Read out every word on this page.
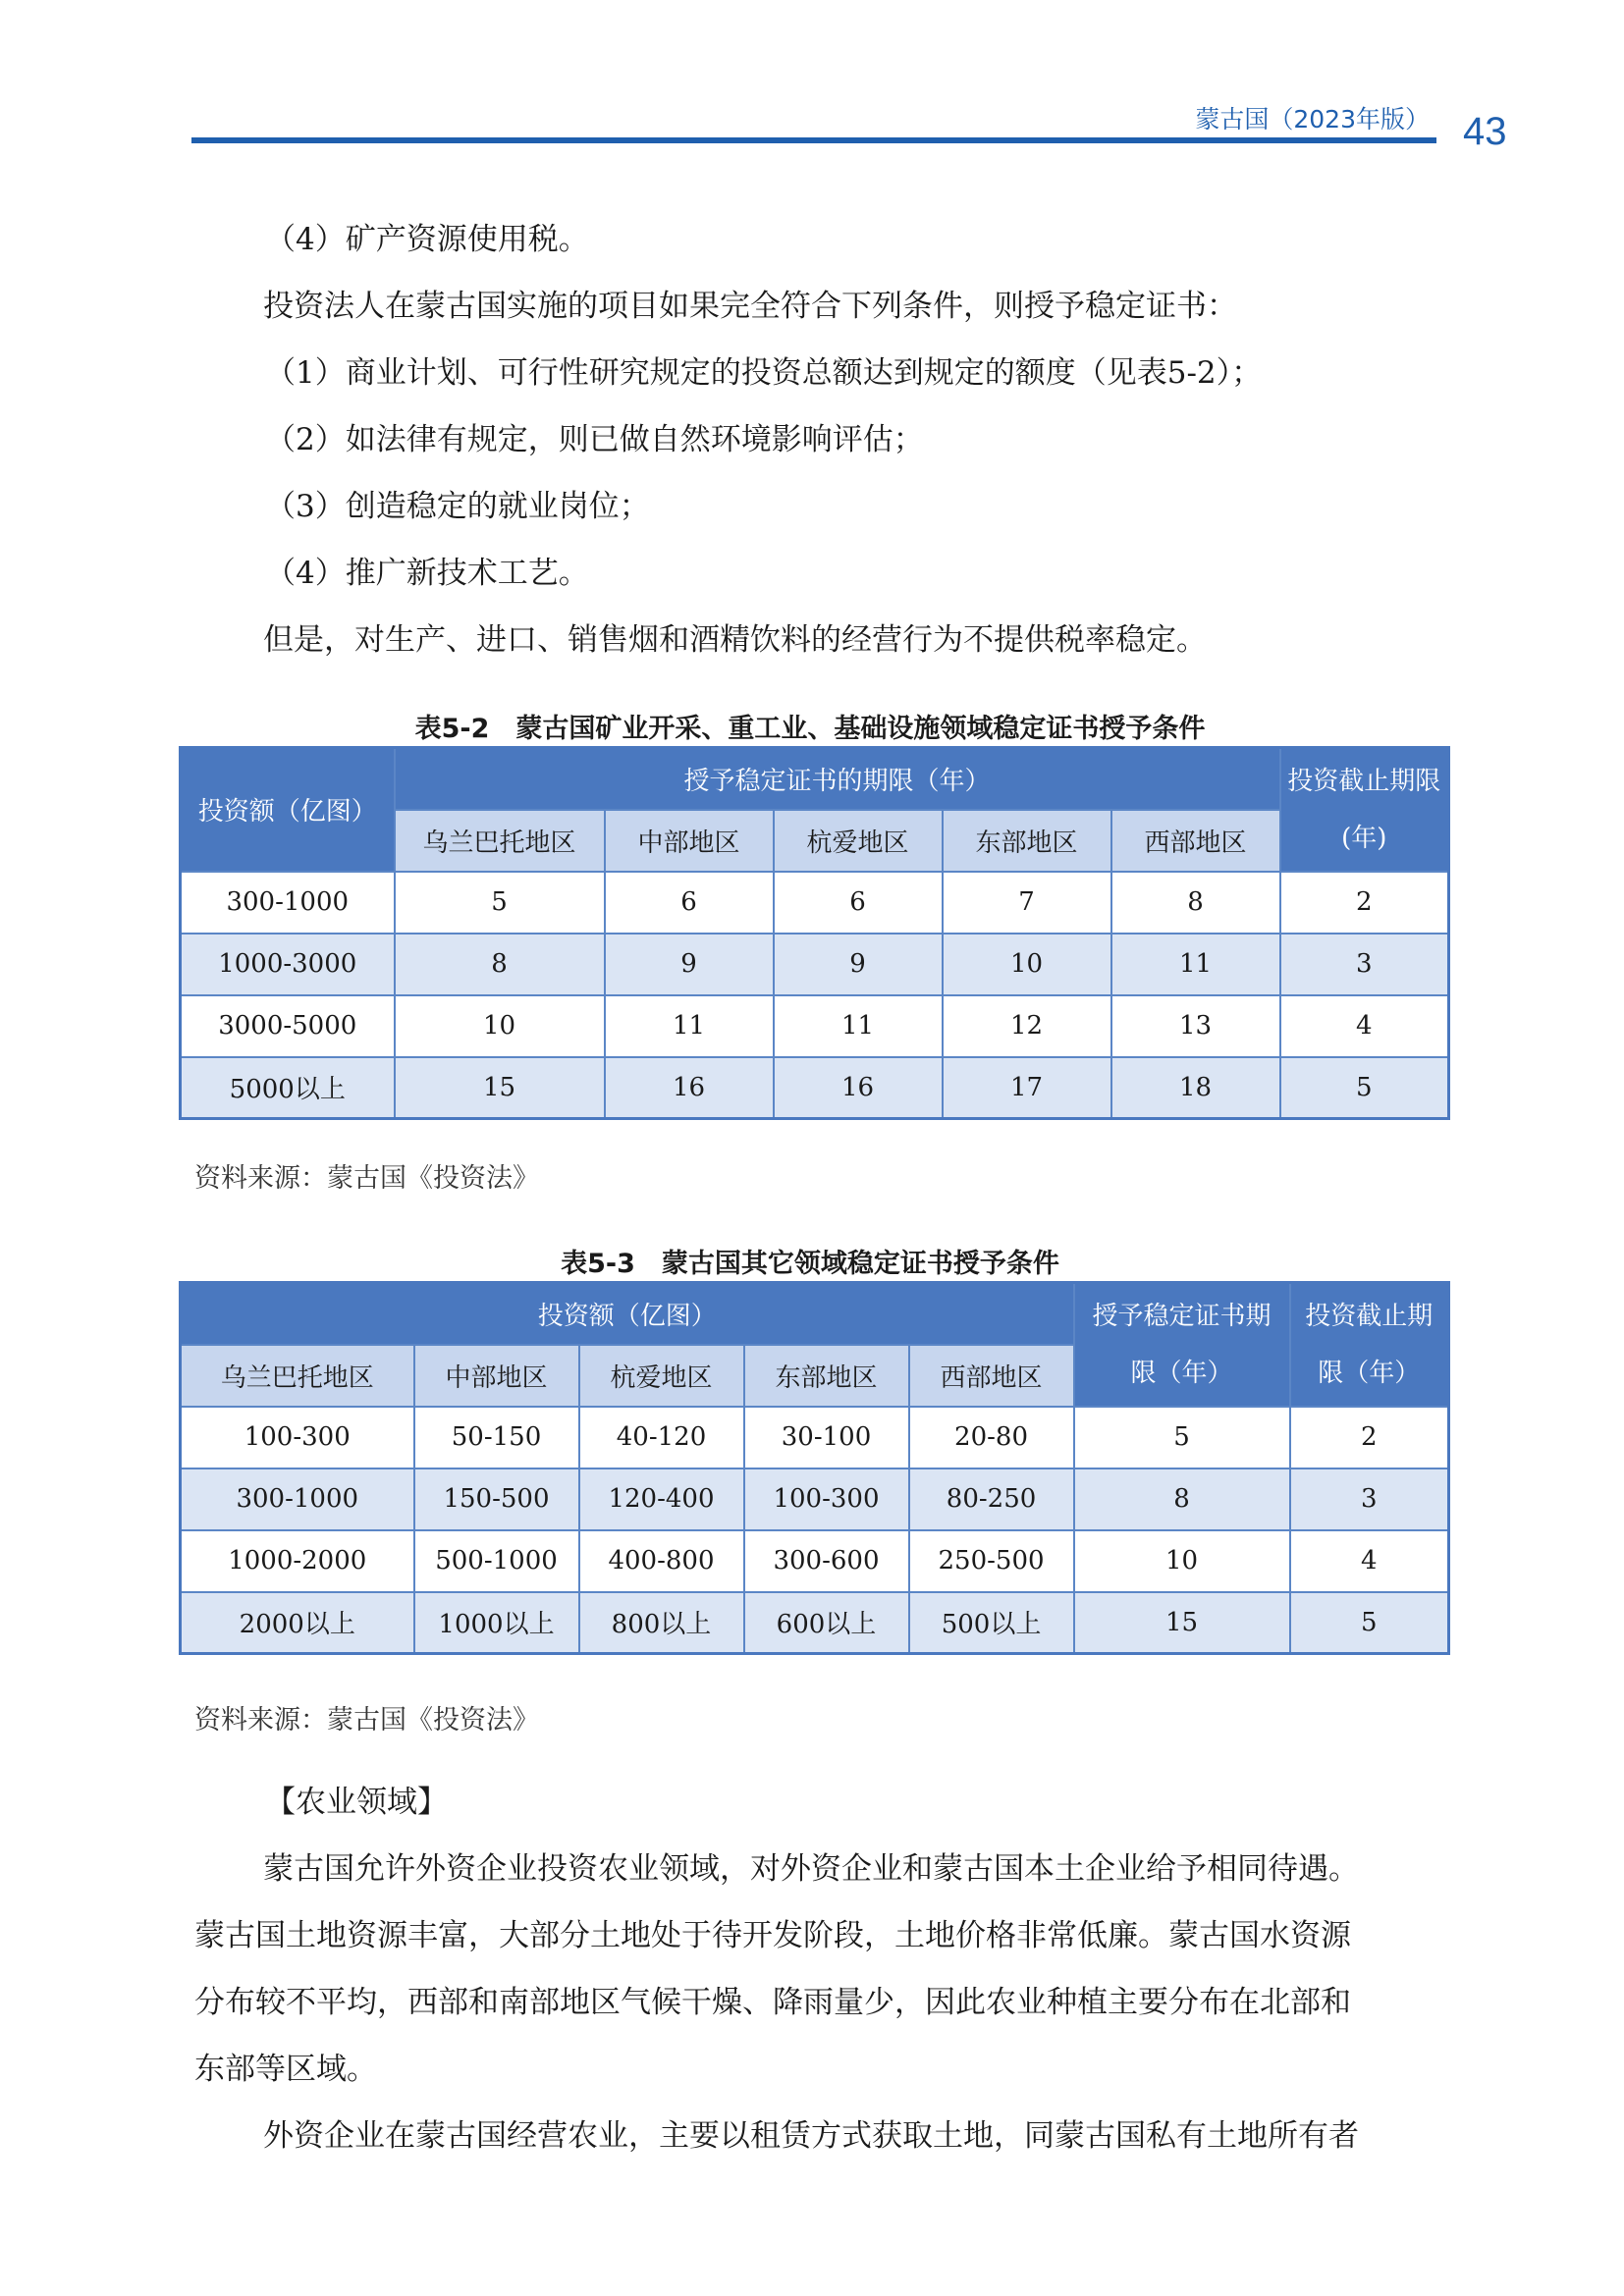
蒙古国（2023年版） 43

（4）矿产资源使用税。

投资法人在蒙古国实施的项目如果完全符合下列条件，则授予稳定证书：

（1）商业计划、可行性研究规定的投资总额达到规定的额度（见表5-2）；

（2）如法律有规定，则已做自然环境影响评估；

（3）创造稳定的就业岗位；

（4）推广新技术工艺。

但是，对生产、进口、销售烟和酒精饮料的经营行为不提供税率稳定。

表5-2　蒙古国矿业开采、重工业、基础设施领域稳定证书授予条件
投资额（亿图）	授予稳定证书的期限（年）					投资截止期限(年)
	乌兰巴托地区	中部地区	杭爱地区	东部地区	西部地区	
300-1000	5	6	6	7	8	2
1000-3000	8	9	9	10	11	3
3000-5000	10	11	11	12	13	4
5000以上	15	16	16	17	18	5
资料来源：蒙古国《投资法》
表5-3　蒙古国其它领域稳定证书授予条件
投资额（亿图）					授予稳定证书期限（年）	投资截止期限（年）
乌兰巴托地区	中部地区	杭爱地区	东部地区	西部地区		
100-300	50-150	40-120	30-100	20-80	5	2
300-1000	150-500	120-400	100-300	80-250	8	3
1000-2000	500-1000	400-800	300-600	250-500	10	4
2000以上	1000以上	800以上	600以上	500以上	15	5
资料来源：蒙古国《投资法》

【农业领域】

蒙古国允许外资企业投资农业领域，对外资企业和蒙古国本土企业给予相同待遇。

蒙古国土地资源丰富，大部分土地处于待开发阶段，土地价格非常低廉。蒙古国水资源

分布较不平均，西部和南部地区气候干燥、降雨量少，因此农业种植主要分布在北部和

东部等区域。

外资企业在蒙古国经营农业，主要以租赁方式获取土地，同蒙古国私有土地所有者
